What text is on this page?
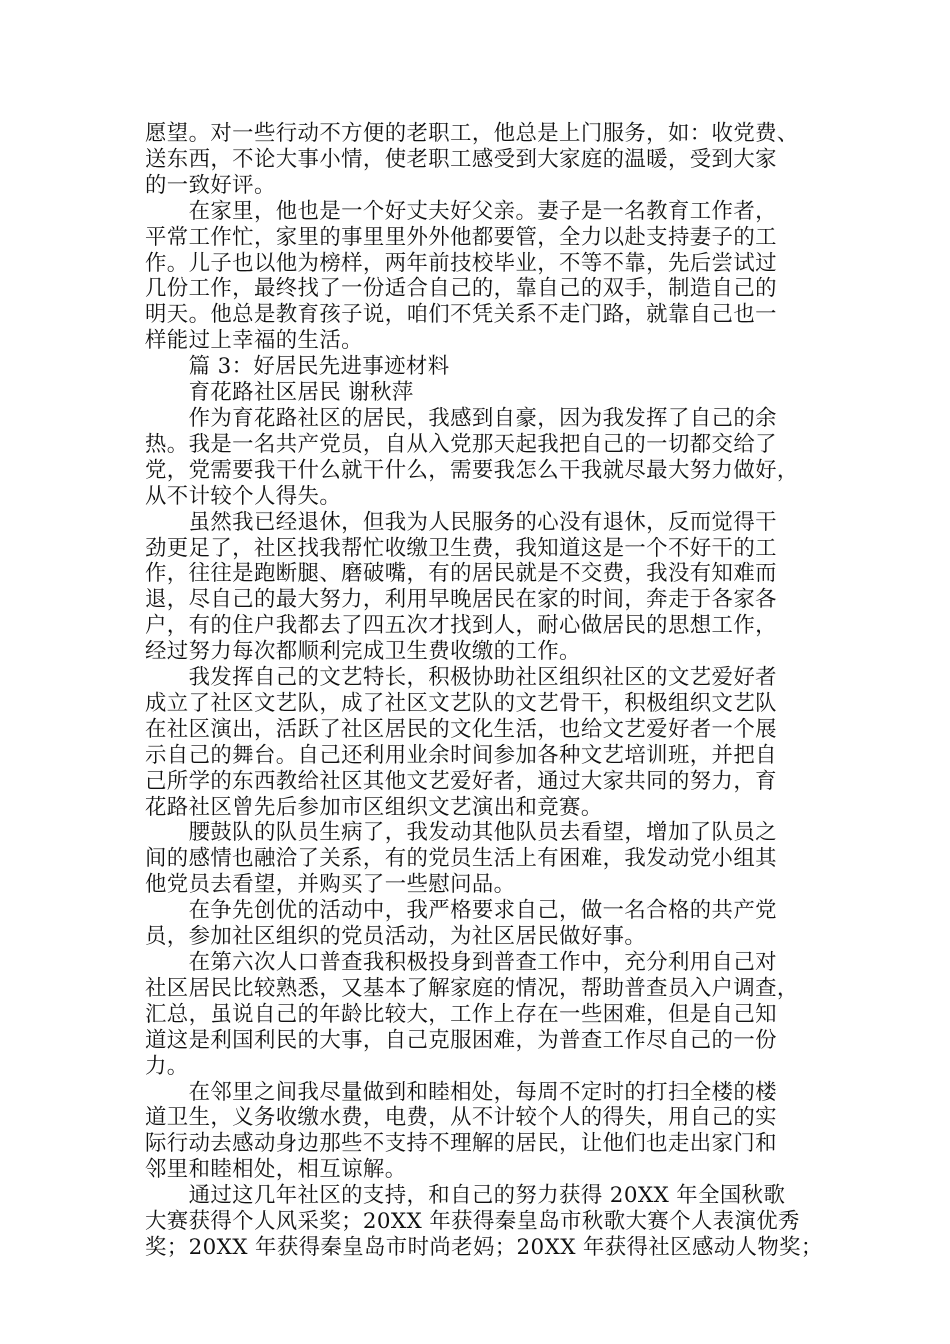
愿望。对一些行动不方便的老职工，他总是上门服务，如：收党费、
送东西，不论大事小情，使老职工感受到大家庭的温暖，受到大家
的一致好评。
　　在家里，他也是一个好丈夫好父亲。妻子是一名教育工作者，
平常工作忙，家里的事里里外外他都要管，全力以赴支持妻子的工
作。儿子也以他为榜样，两年前技校毕业，不等不靠，先后尝试过
几份工作，最终找了一份适合自己的，靠自己的双手，制造自己的
明天。他总是教育孩子说，咱们不凭关系不走门路，就靠自己也一
样能过上幸福的生活。
　　篇 3：好居民先进事迹材料
　　育花路社区居民 谢秋萍
　　作为育花路社区的居民，我感到自豪，因为我发挥了自己的余
热。我是一名共产党员，自从入党那天起我把自己的一切都交给了
党，党需要我干什么就干什么，需要我怎么干我就尽最大努力做好，
从不计较个人得失。
　　虽然我已经退休，但我为人民服务的心没有退休，反而觉得干
劲更足了，社区找我帮忙收缴卫生费，我知道这是一个不好干的工
作，往往是跑断腿、磨破嘴，有的居民就是不交费，我没有知难而
退，尽自己的最大努力，利用早晚居民在家的时间，奔走于各家各
户，有的住户我都去了四五次才找到人，耐心做居民的思想工作，
经过努力每次都顺利完成卫生费收缴的工作。
　　我发挥自己的文艺特长，积极协助社区组织社区的文艺爱好者
成立了社区文艺队，成了社区文艺队的文艺骨干，积极组织文艺队
在社区演出，活跃了社区居民的文化生活，也给文艺爱好者一个展
示自己的舞台。自己还利用业余时间参加各种文艺培训班，并把自
己所学的东西教给社区其他文艺爱好者，通过大家共同的努力，育
花路社区曾先后参加市区组织文艺演出和竞赛。
　　腰鼓队的队员生病了，我发动其他队员去看望，增加了队员之
间的感情也融洽了关系，有的党员生活上有困难，我发动党小组其
他党员去看望，并购买了一些慰问品。
　　在争先创优的活动中，我严格要求自己，做一名合格的共产党
员，参加社区组织的党员活动，为社区居民做好事。
　　在第六次人口普查我积极投身到普查工作中，充分利用自己对
社区居民比较熟悉，又基本了解家庭的情况，帮助普查员入户调查，
汇总，虽说自己的年龄比较大，工作上存在一些困难，但是自己知
道这是利国利民的大事，自己克服困难，为普查工作尽自己的一份
力。
　　在邻里之间我尽量做到和睦相处，每周不定时的打扫全楼的楼
道卫生，义务收缴水费，电费，从不计较个人的得失，用自己的实
际行动去感动身边那些不支持不理解的居民，让他们也走出家门和
邻里和睦相处，相互谅解。
　　通过这几年社区的支持，和自己的努力获得 20XX 年全国秋歌
大赛获得个人风采奖；20XX 年获得秦皇岛市秋歌大赛个人表演优秀
奖；20XX 年获得秦皇岛市时尚老妈；20XX 年获得社区感动人物奖；
